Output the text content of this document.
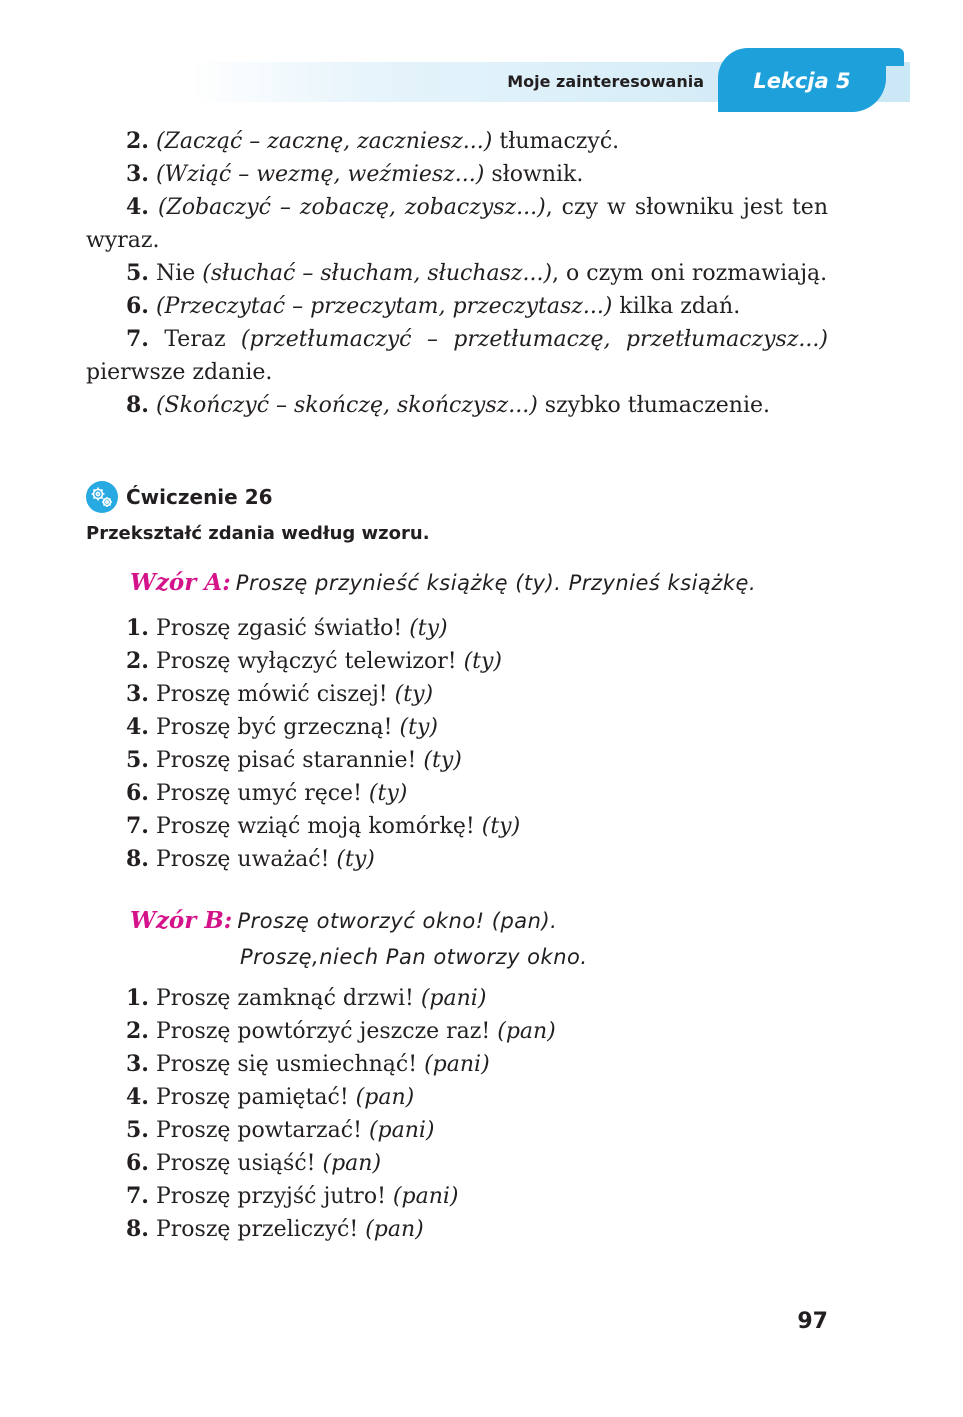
Moje zainteresowania	Lekcja 5

2. (Zacząć – zacznę, zaczniesz...) tłumaczyć.

3. (Wziąć – wezmę, weźmiesz...) słownik.

4. (Zobaczyć – zobaczę, zobaczysz...), czy w słowniku jest ten wyraz.

5. Nie (słuchać – słucham, słuchasz...), o czym oni rozmawiają.

6. (Przeczytać – przeczytam, przeczytasz...) kilka zdań.

7. Teraz (przetłumaczyć – przetłumaczę, przetłumaczysz...) pierwsze zdanie.

8. (Skończyć – skończę, skończysz...) szybko tłumaczenie.

Ćwiczenie 26
Przekształć zdania według wzoru.
Wzór A: Proszę przynieść książkę (ty). Przynieś książkę.
1. Proszę zgasić światło! (ty)
2. Proszę wyłączyć telewizor! (ty)
3. Proszę mówić ciszej! (ty)
4. Proszę być grzeczną! (ty)
5. Proszę pisać starannie! (ty)
6. Proszę umyć ręce! (ty)
7. Proszę wziąć moją komórkę! (ty)
8. Proszę uważać! (ty)
Wzór B: Proszę otworzyć okno! (pan).
Proszę,niech Pan otworzy okno.
1. Proszę zamknąć drzwi! (pani)
2. Proszę powtórzyć jeszcze raz! (pan)
3. Proszę się usmiechnąć! (pani)
4. Proszę pamiętać! (pan)
5. Proszę powtarzać! (pani)
6. Proszę usiąść! (pan)
7. Proszę przyjść jutro! (pani)
8. Proszę przeliczyć! (pan)
97
